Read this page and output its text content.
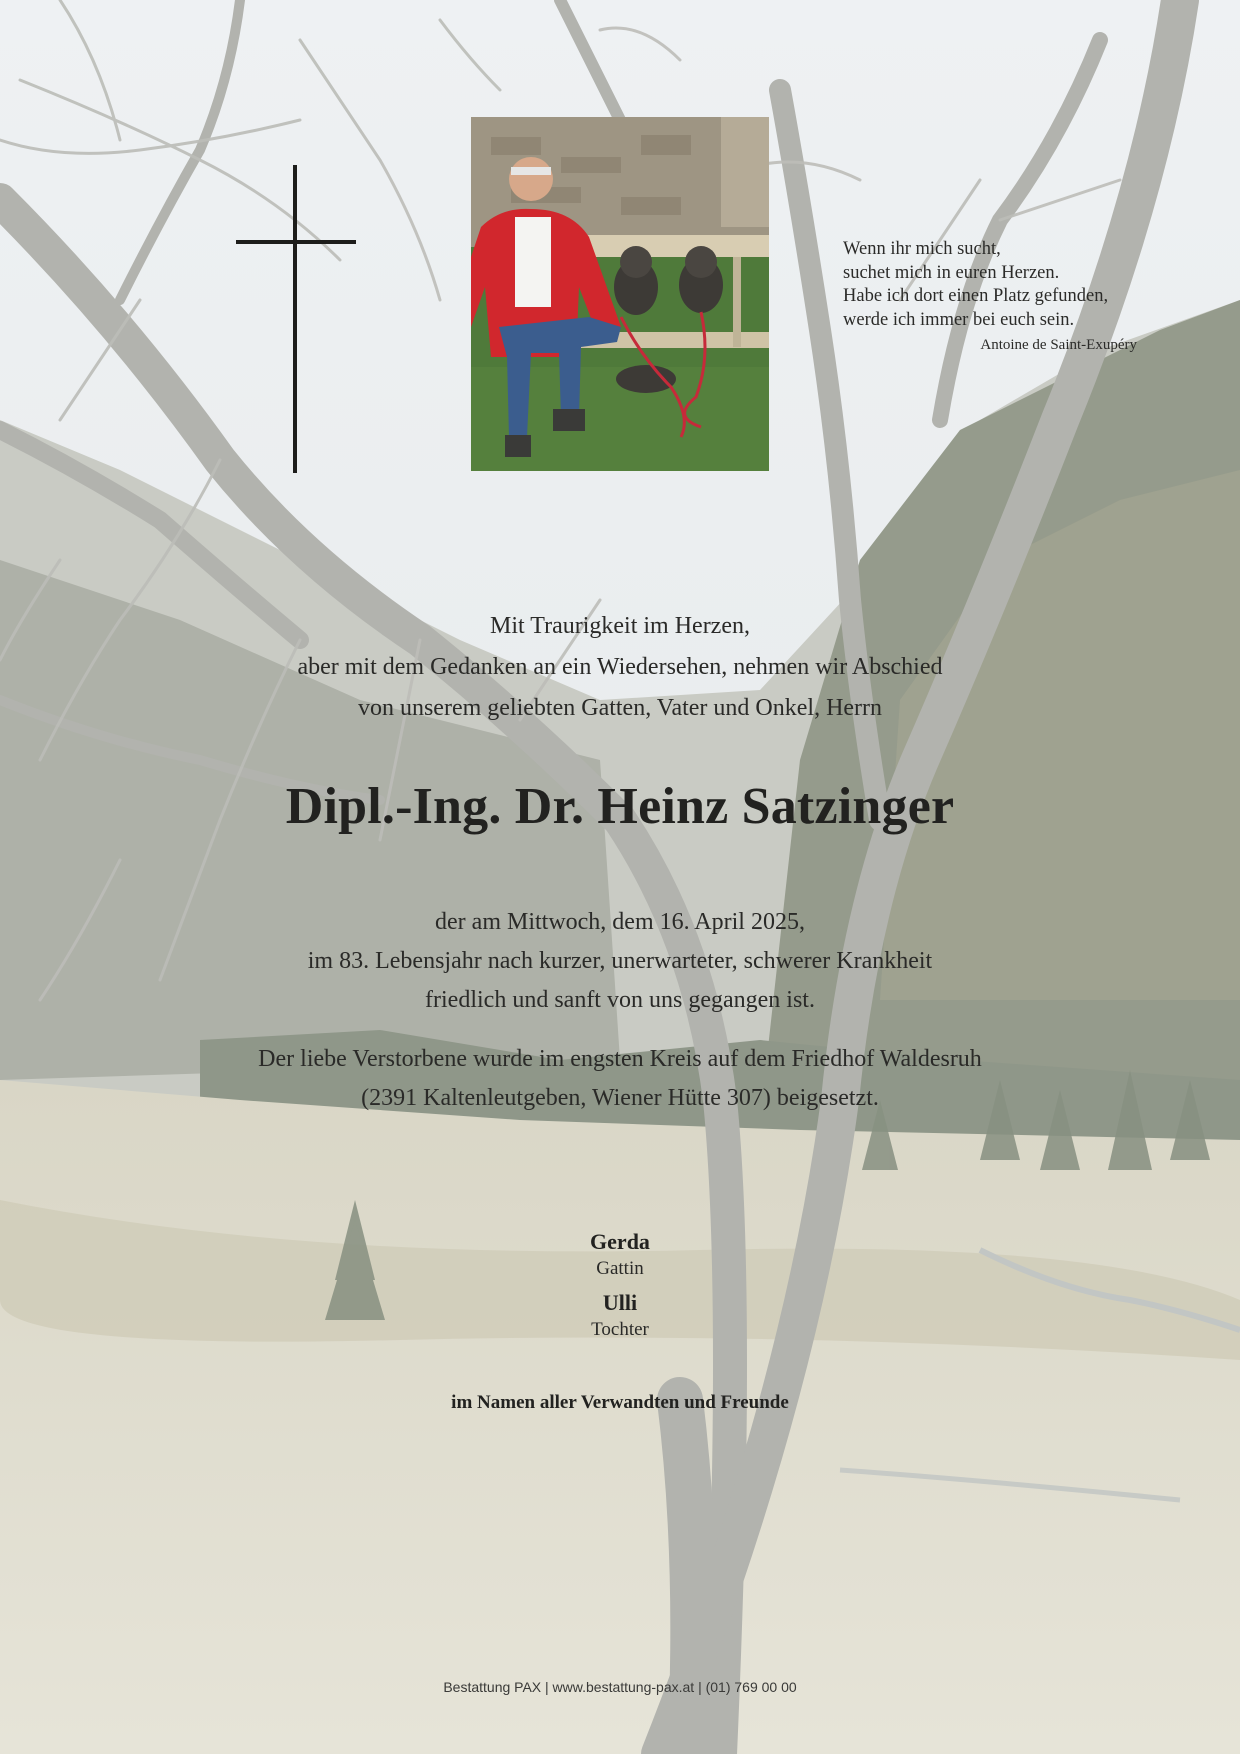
Wenn ihr mich sucht,
suchet mich in euren Herzen.
Habe ich dort einen Platz gefunden,
werde ich immer bei euch sein.
Antoine de Saint-Exupéry
Mit Traurigkeit im Herzen,
aber mit dem Gedanken an ein Wiedersehen, nehmen wir Abschied
von unserem geliebten Gatten, Vater und Onkel, Herrn
Dipl.-Ing. Dr. Heinz Satzinger
der am Mittwoch, dem 16. April 2025,
im 83. Lebensjahr nach kurzer, unerwarteter, schwerer Krankheit
friedlich und sanft von uns gegangen ist.
Der liebe Verstorbene wurde im engsten Kreis auf dem Friedhof Waldesruh
(2391 Kaltenleutgeben, Wiener Hütte 307) beigesetzt.
Gerda
Gattin
Ulli
Tochter
im Namen aller Verwandten und Freunde
Bestattung PAX | www.bestattung-pax.at | (01) 769 00 00
